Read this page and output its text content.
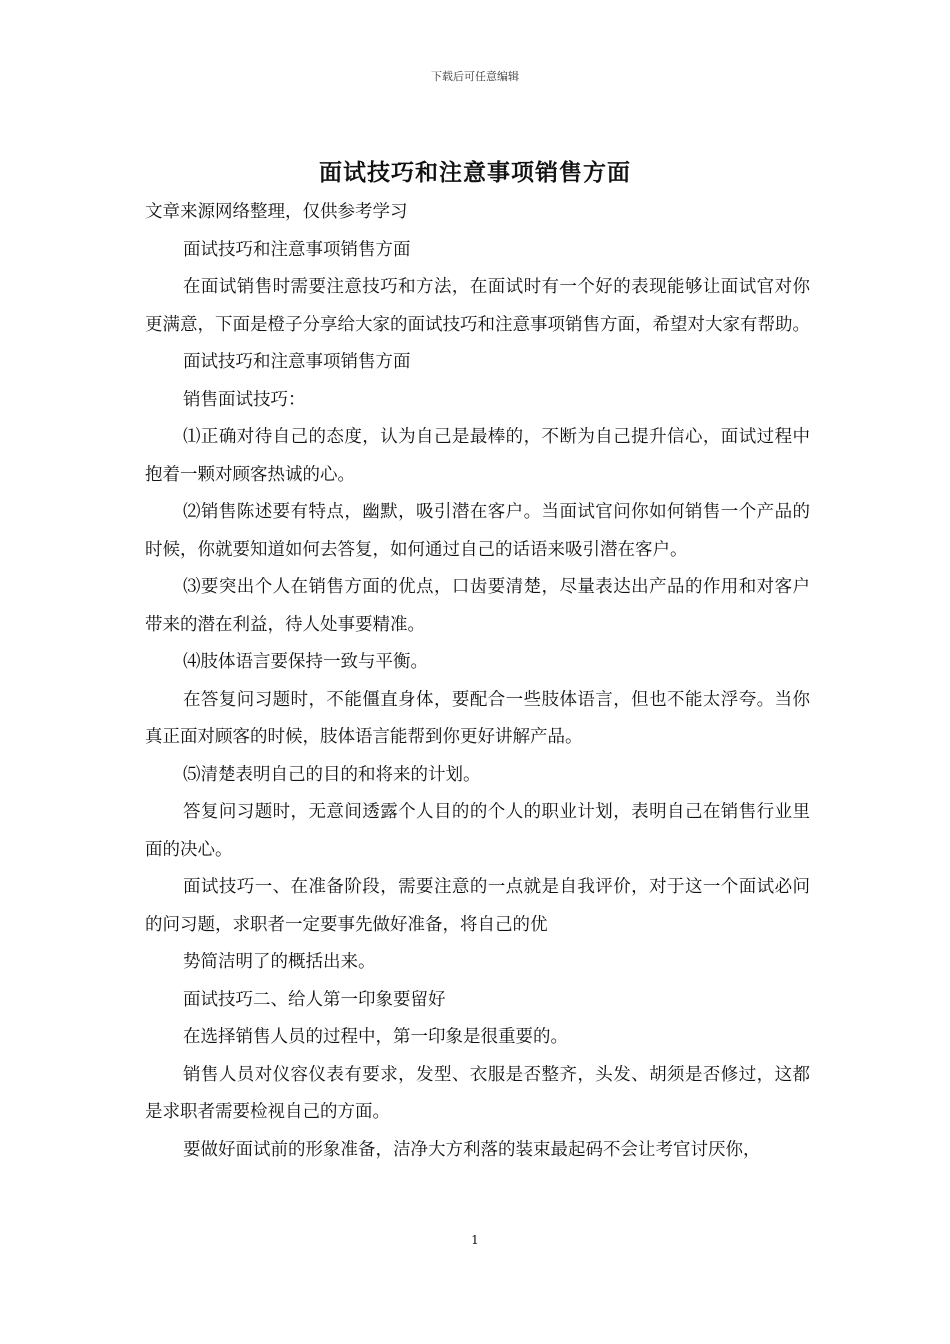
下载后可任意编辑
面试技巧和注意事项销售方面

文章来源网络整理，仅供参考学习

面试技巧和注意事项销售方面

在面试销售时需要注意技巧和方法，在面试时有一个好的表现能够让面试官对你更满意，下面是橙子分享给大家的面试技巧和注意事项销售方面，希望对大家有帮助。

面试技巧和注意事项销售方面

销售面试技巧：

⑴正确对待自己的态度，认为自己是最棒的，不断为自己提升信心，面试过程中抱着一颗对顾客热诚的心。

⑵销售陈述要有特点，幽默，吸引潜在客户。当面试官问你如何销售一个产品的时候，你就要知道如何去答复，如何通过自己的话语来吸引潜在客户。

⑶要突出个人在销售方面的优点，口齿要清楚，尽量表达出产品的作用和对客户带来的潜在利益，待人处事要精准。

⑷肢体语言要保持一致与平衡。

在答复问习题时，不能僵直身体，要配合一些肢体语言，但也不能太浮夸。当你真正面对顾客的时候，肢体语言能帮到你更好讲解产品。

⑸清楚表明自己的目的和将来的计划。

答复问习题时，无意间透露个人目的的个人的职业计划，表明自己在销售行业里面的决心。

面试技巧一、在准备阶段，需要注意的一点就是自我评价，对于这一个面试必问的问习题，求职者一定要事先做好准备，将自己的优

势简洁明了的概括出来。

面试技巧二、给人第一印象要留好

在选择销售人员的过程中，第一印象是很重要的。

销售人员对仪容仪表有要求，发型、衣服是否整齐，头发、胡须是否修过，这都是求职者需要检视自己的方面。

要做好面试前的形象准备，洁净大方利落的装束最起码不会让考官讨厌你，

1
